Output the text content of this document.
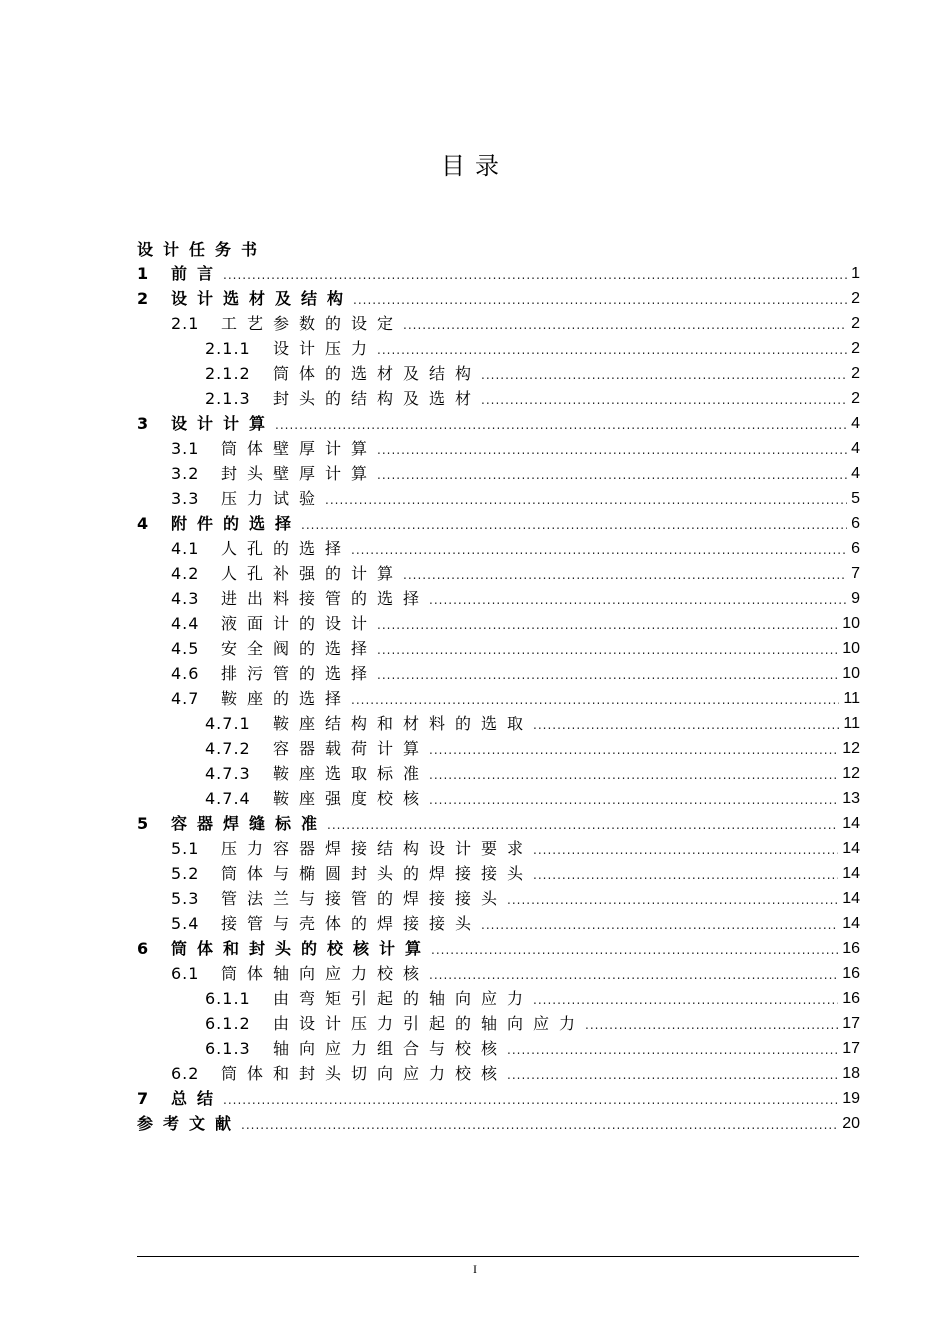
目录
设计任务书
1	前言 .....	1
2	设计选材及结构 .....	2
2.1	工艺参数的设定 .....	2
2.1.1	设计压力 .....	2
2.1.2	筒体的选材及结构 .....	2
2.1.3	封头的结构及选材 .....	2
3	设计计算 .....	4
3.1	筒体壁厚计算 .....	4
3.2	封头壁厚计算 .....	4
3.3	压力试验 .....	5
4	附件的选择 .....	6
4.1	人孔的选择 .....	6
4.2	人孔补强的计算 .....	7
4.3	进出料接管的选择 .....	9
4.4	液面计的设计 .....	10
4.5	安全阀的选择 .....	10
4.6	排污管的选择 .....	10
4.7	鞍座的选择 .....	11
4.7.1	鞍座结构和材料的选取 .....	11
4.7.2	容器载荷计算 .....	12
4.7.3	鞍座选取标准 .....	12
4.7.4	鞍座强度校核 .....	13
5	容器焊缝标准 .....	14
5.1	压力容器焊接结构设计要求 .....	14
5.2	筒体与椭圆封头的焊接接头 .....	14
5.3	管法兰与接管的焊接接头 .....	14
5.4	接管与壳体的焊接接头 .....	14
6	筒体和封头的校核计算 .....	16
6.1	筒体轴向应力校核 .....	16
6.1.1	由弯矩引起的轴向应力 .....	16
6.1.2	由设计压力引起的轴向应力 .....	17
6.1.3	轴向应力组合与校核 .....	17
6.2	筒体和封头切向应力校核 .....	18
7	总结 .....	19
参考文献 .....	20
I
